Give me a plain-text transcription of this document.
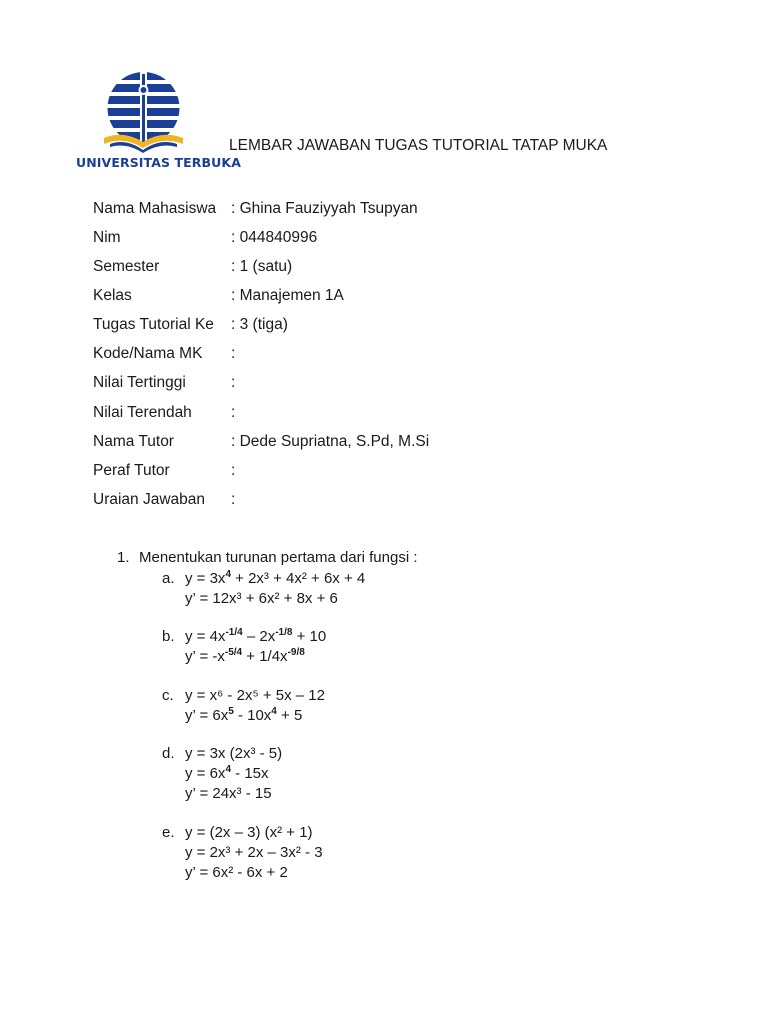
UNIVERSITAS TERBUKA
LEMBAR JAWABAN TUGAS TUTORIAL TATAP MUKA
Nama Mahasiswa : Ghina Fauziyyah Tsupyan
Nim	: 044840996
Semester	: 1 (satu)
Kelas	: Manajemen 1A
Tugas Tutorial Ke : 3 (tiga)
Kode/Nama MK :
Nilai Tertinggi	:
Nilai Terendah	:
Nama Tutor	: Dede Supriatna, S.Pd, M.Si
Peraf Tutor	:
Uraian Jawaban :
1. Menentukan turunan pertama dari fungsi :
a. $y = 3x^4 + 2x^3 + 4x^2 + 6x + 4$
y’ = 12x³ + 6x² + 8x + 6
b. $y = 4x^{-1/4} - 2x^{-1/8} + 10$
y’ = $-x^{-5/4} + 1/4x^{-9/8}$
c. y = x⁶ - 2x⁵ + 5x – 12
y’ = $6x^5 - 10x^4 + 5$
d. y = 3x (2x³ - 5)
$y = 6x^4 - 15x$
y’ = 24x³ - 15
e. y = (2x – 3) (x² + 1)
y = 2x³ + 2x – 3x² - 3
y’ = 6x² - 6x + 2
